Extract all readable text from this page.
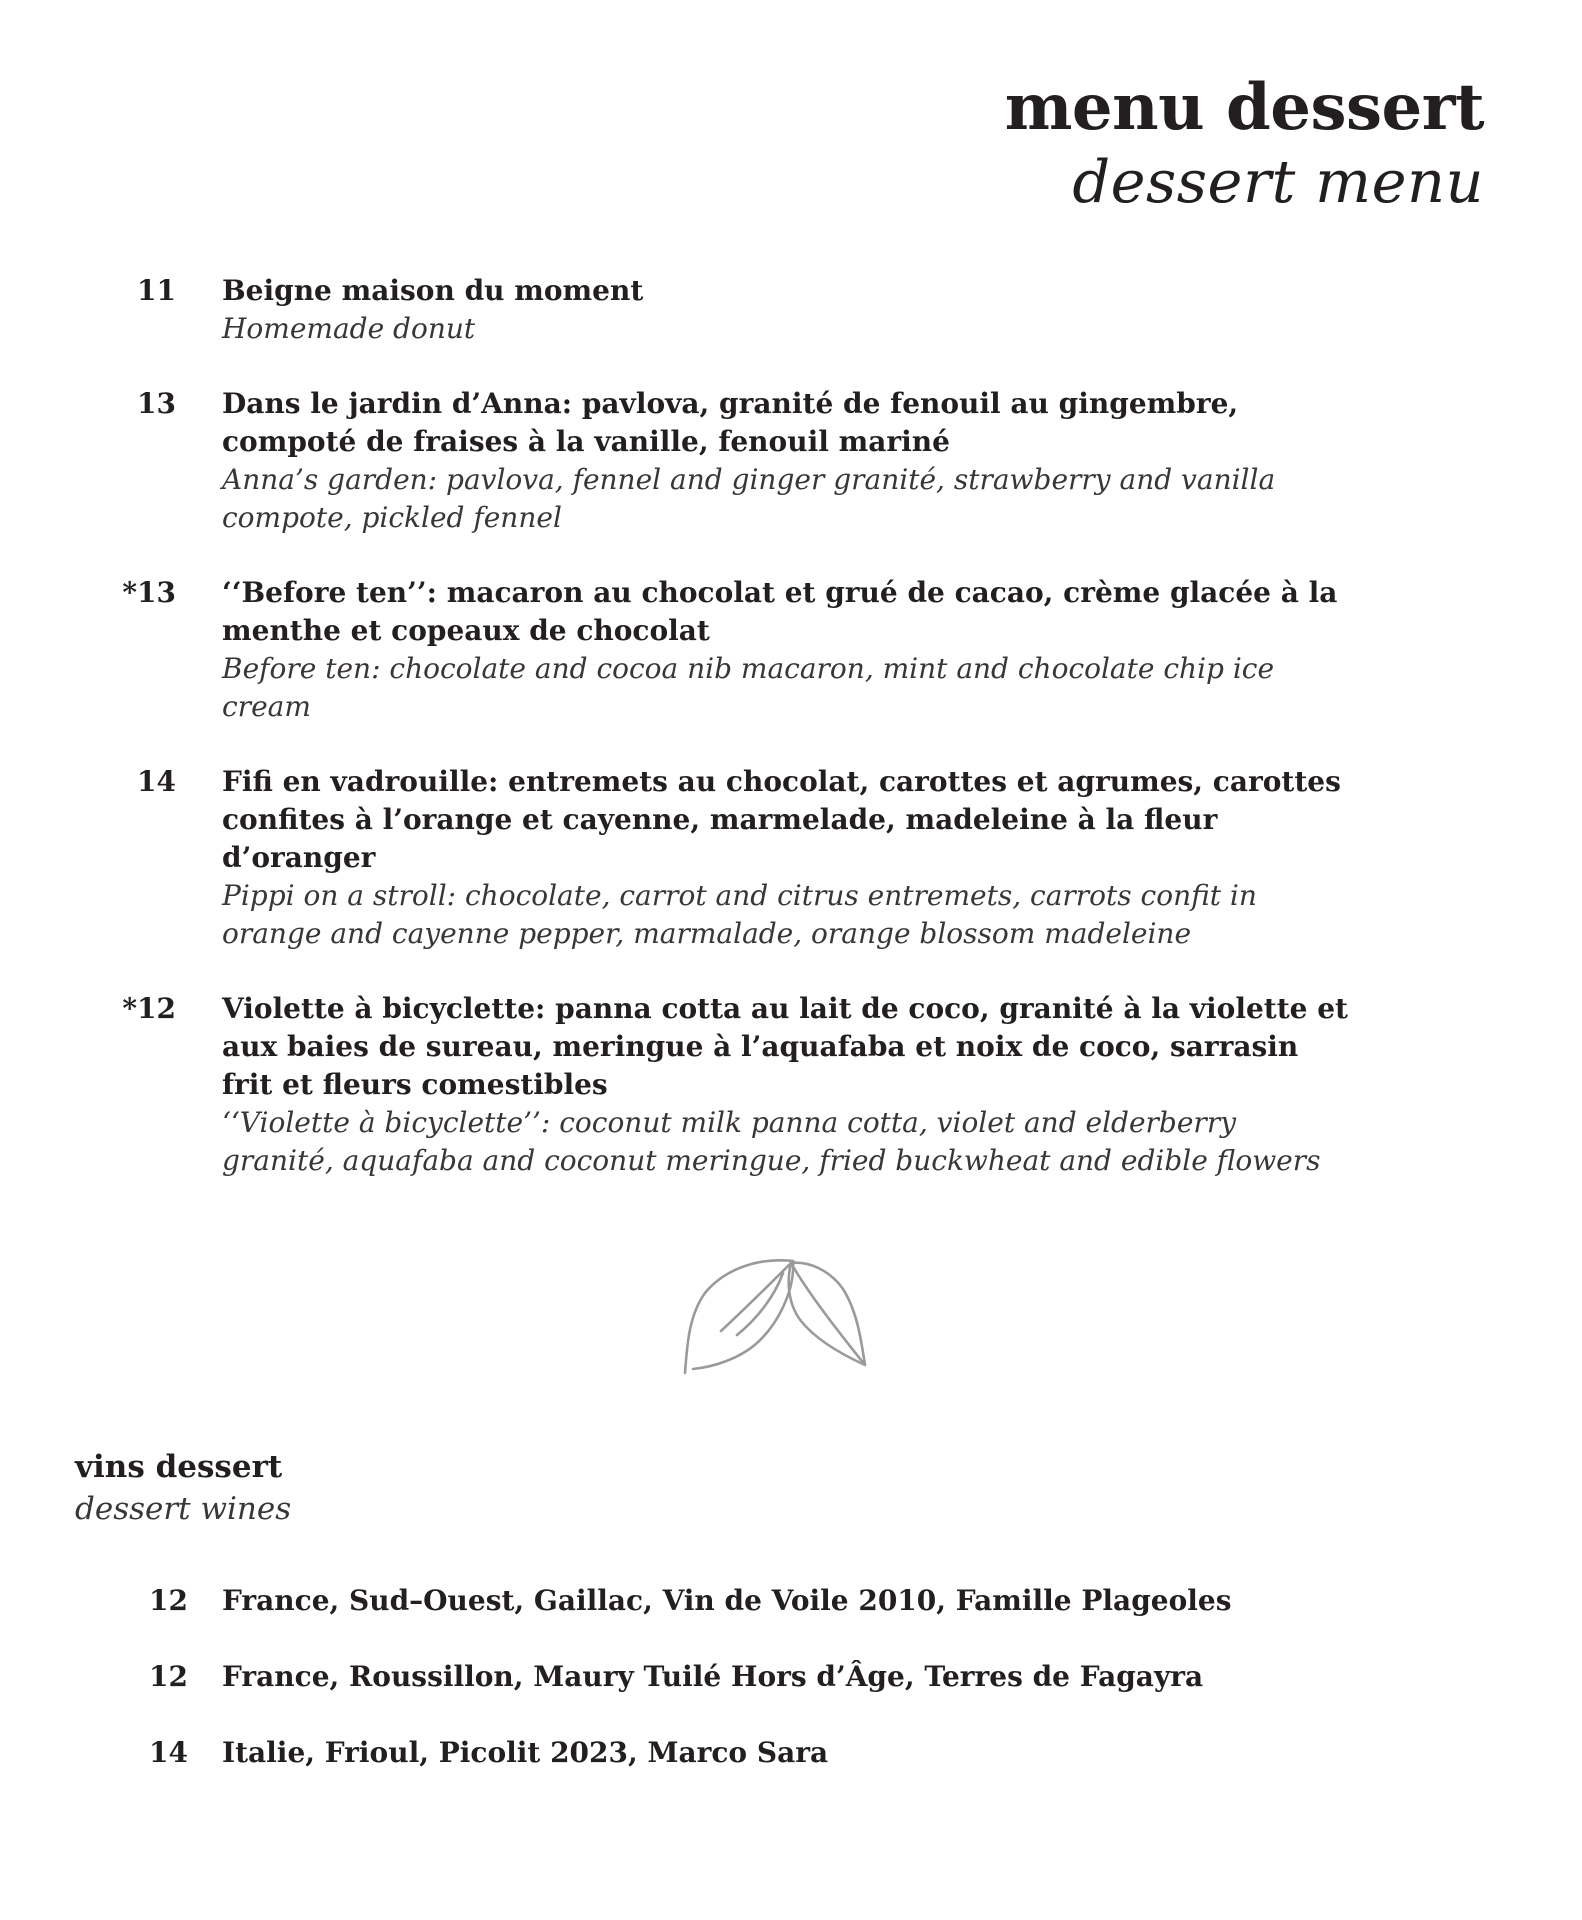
menu dessert
dessert menu
11 Beigne maison du moment
Homemade donut
13 Dans le jardin d’Anna: pavlova, granité de fenouil au gingembre, compoté de fraises à la vanille, fenouil mariné
Anna’s garden: pavlova, fennel and ginger granité, strawberry and vanilla compote, pickled fennel
*13 ‘‘Before ten’’: macaron au chocolat et grué de cacao, crème glacée à la menthe et copeaux de chocolat
Before ten: chocolate and cocoa nib macaron, mint and chocolate chip ice cream
14 Fifi en vadrouille: entremets au chocolat, carottes et agrumes, carottes confites à l’orange et cayenne, marmelade, madeleine à la fleur d’oranger
Pippi on a stroll: chocolate, carrot and citrus entremets, carrots confit in orange and cayenne pepper, marmalade, orange blossom madeleine
*12 Violette à bicyclette: panna cotta au lait de coco, granité à la violette et aux baies de sureau, meringue à l’aquafaba et noix de coco, sarrasin frit et fleurs comestibles
‘‘Violette à bicyclette’’: coconut milk panna cotta, violet and elderberry granité, aquafaba and coconut meringue, fried buckwheat and edible flowers
vins dessert
dessert wines
12 France, Sud–Ouest, Gaillac, Vin de Voile 2010, Famille Plageoles
12 France, Roussillon, Maury Tuilé Hors d’Âge, Terres de Fagayra
14 Italie, Frioul, Picolit 2023, Marco Sara
